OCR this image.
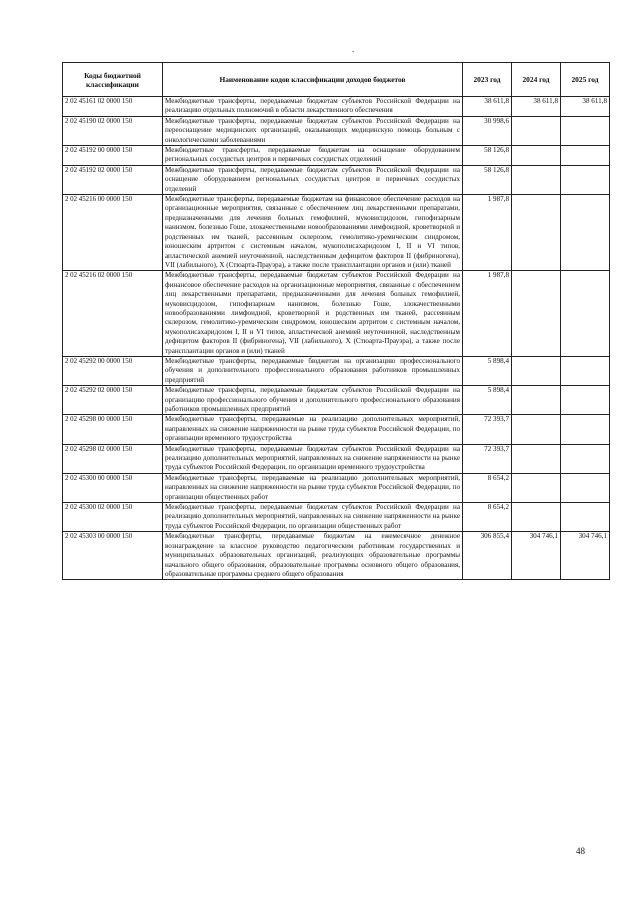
.
Коды бюджетной классификации	Наименование кодов классификации доходов бюджетов	2023 год	2024 год	2025 год
2 02 45161 02 0000 150	Межбюджетные трансферты, передаваемые бюджетам субъектов Российской Федерации на реализацию отдельных полномочий в области лекарственного обеспечения	38 611,8	38 611,8	38 611,8
2 02 45190 02 0000 150	Межбюджетные трансферты, передаваемые бюджетам субъектов Российской Федерации на переоснащение медицинских организаций, оказывающих медицинскую помощь больным с онкологическими заболеваниями	30 998,6		
2 02 45192 00 0000 150	Межбюджетные трансферты, передаваемые бюджетам на оснащение оборудованием региональных сосудистых центров и первичных сосудистых отделений	58 126,8		
2 02 45192 02 0000 150	Межбюджетные трансферты, передаваемые бюджетам субъектов Российской Федерации на оснащение оборудованием региональных сосудистых центров и первичных сосудистых отделений	58 126,8		
2 02 45216 00 0000 150	Межбюджетные трансферты, передаваемые бюджетам на финансовое обеспечение расходов на организационные мероприятия, связанные с обеспечением лиц лекарственными препаратами, предназначенными для лечения больных гемофилией, муковисцидозом, гипофизарным нанизмом, болезнью Гоше, злокачественными новообразованиями лимфоидной, кроветворной и родственных им тканей, рассеянным склерозом, гемолитико-уремическим синдромом, юношеским артритом с системным началом, мукополисахаридозом I, II и VI типов, апластической анемией неуточненной, наследственным дефицитом факторов II (фибриногена), VII (лабильного), X (Стюарта-Прауэра), а также после трансплантации органов и (или) тканей	1 987,8		
2 02 45216 02 0000 150	Межбюджетные трансферты, передаваемые бюджетам субъектов Российской Федерации на финансовое обеспечение расходов на организационные мероприятия, связанные с обеспечением лиц лекарственными препаратами, предназначенными для лечения больных гемофилией, муковисцидозом, гипофизарным нанизмом, болезнью Гоше, злокачественными новообразованиями лимфоидной, кроветворной и родственных им тканей, рассеянным склерозом, гемолитико-уремическим синдромом, юношеским артритом с системным началом, мукополисахаридозом I, II и VI типов, апластической анемией неуточненной, наследственным дефицитом факторов II (фибриногена), VII (лабильного), X (Стюарта-Прауэра), а также после трансплантации органов и (или) тканей	1 987,8		
2 02 45292 00 0000 150	Межбюджетные трансферты, передаваемые бюджетам на организацию профессионального обучения и дополнительного профессионального образования работников промышленных предприятий	5 898,4		
2 02 45292 02 0000 150	Межбюджетные трансферты, передаваемые бюджетам субъектов Российской Федерации на организацию профессионального обучения и дополнительного профессионального образования работников промышленных предприятий	5 898,4		
2 02 45298 00 0000 150	Межбюджетные трансферты, передаваемые на реализацию дополнительных мероприятий, направленных на снижение напряженности на рынке труда субъектов Российской Федерации, по организации временного трудоустройства	72 393,7		
2 02 45298 02 0000 150	Межбюджетные трансферты, передаваемые бюджетам субъектов Российской Федерации на реализацию дополнительных мероприятий, направленных на снижение напряженности на рынке труда субъектов Российской Федерации, по организации временного трудоустройства	72 393,7		
2 02 45300 00 0000 150	Межбюджетные трансферты, передаваемые на реализацию дополнительных мероприятий, направленных на снижение напряженности на рынке труда субъектов Российской Федерации, по организации общественных работ	8 654,2		
2 02 45300 02 0000 150	Межбюджетные трансферты, передаваемые бюджетам субъектов Российской Федерации на реализацию дополнительных мероприятий, направленных на снижение напряженности на рынке труда субъектов Российской Федерации, по организации общественных работ	8 654,2		
2 02 45303 00 0000 150	Межбюджетные трансферты, передаваемые бюджетам на ежемесячное денежное вознаграждение за классное руководство педагогическим работникам государственных и муниципальных образовательных организаций, реализующих образовательные программы начального общего образования, образовательные программы основного общего образования, образовательные программы среднего общего образования	306 855,4	304 746,1	304 746,1
48
